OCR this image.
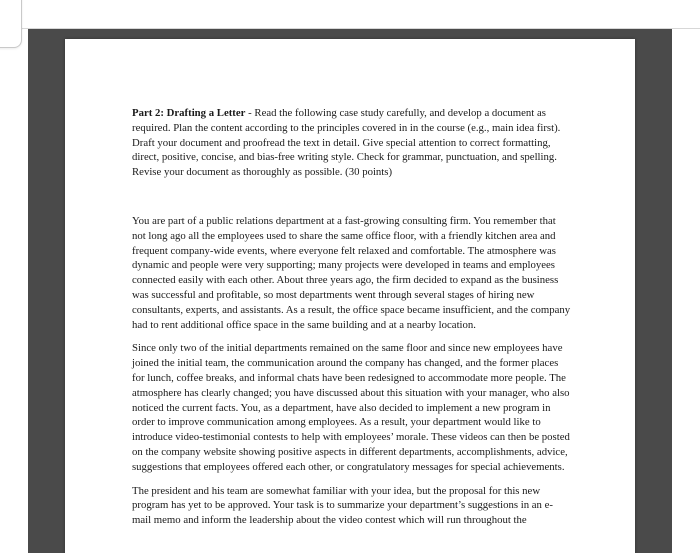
Part 2: Drafting a Letter - Read the following case study carefully, and develop a document as required. Plan the content according to the principles covered in in the course (e.g., main idea first). Draft your document and proofread the text in detail. Give special attention to correct formatting, direct, positive, concise, and bias-free writing style. Check for grammar, punctuation, and spelling. Revise your document as thoroughly as possible. (30 points)

You are part of a public relations department at a fast-growing consulting firm. You remember that not long ago all the employees used to share the same office floor, with a friendly kitchen area and frequent company-wide events, where everyone felt relaxed and comfortable. The atmosphere was dynamic and people were very supporting; many projects were developed in teams and employees connected easily with each other. About three years ago, the firm decided to expand as the business was successful and profitable, so most departments went through several stages of hiring new consultants, experts, and assistants. As a result, the office space became insufficient, and the company had to rent additional office space in the same building and at a nearby location.

Since only two of the initial departments remained on the same floor and since new employees have joined the initial team, the communication around the company has changed, and the former places for lunch, coffee breaks, and informal chats have been redesigned to accommodate more people. The atmosphere has clearly changed; you have discussed about this situation with your manager, who also noticed the current facts. You, as a department, have also decided to implement a new program in order to improve communication among employees. As a result, your department would like to introduce video-testimonial contests to help with employees’ morale. These videos can then be posted on the company website showing positive aspects in different departments, accomplishments, advice, suggestions that employees offered each other, or congratulatory messages for special achievements.

The president and his team are somewhat familiar with your idea, but the proposal for this new program has yet to be approved. Your task is to summarize your department’s suggestions in an e-mail memo and inform the leadership about the video contest which will run throughout the
